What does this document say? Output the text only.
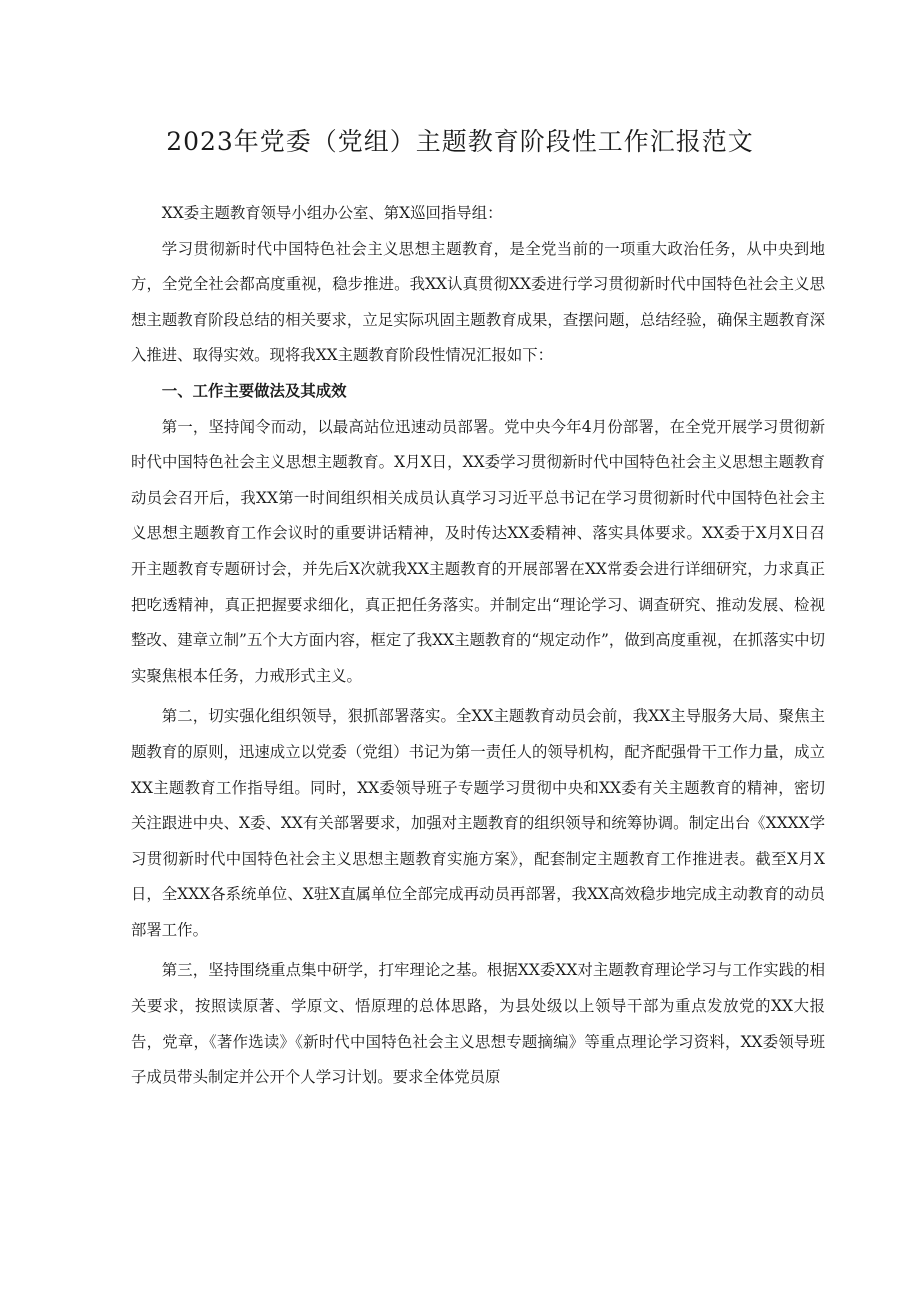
2023年党委（党组）主题教育阶段性工作汇报范文

XX委主题教育领导小组办公室、第X巡回指导组：

学习贯彻新时代中国特色社会主义思想主题教育，是全党当前的一项重大政治任务，从中央到地方，全党全社会都高度重视，稳步推进。我XX认真贯彻XX委进行学习贯彻新时代中国特色社会主义思想主题教育阶段总结的相关要求，立足实际巩固主题教育成果，查摆问题，总结经验，确保主题教育深入推进、取得实效。现将我XX主题教育阶段性情况汇报如下：

一、工作主要做法及其成效

第一，坚持闻令而动，以最高站位迅速动员部署。党中央今年4月份部署，在全党开展学习贯彻新时代中国特色社会主义思想主题教育。X月X日，XX委学习贯彻新时代中国特色社会主义思想主题教育动员会召开后，我XX第一时间组织相关成员认真学习习近平总书记在学习贯彻新时代中国特色社会主义思想主题教育工作会议时的重要讲话精神，及时传达XX委精神、落实具体要求。XX委于X月X日召开主题教育专题研讨会，并先后X次就我XX主题教育的开展部署在XX常委会进行详细研究，力求真正把吃透精神，真正把握要求细化，真正把任务落实。并制定出“理论学习、调查研究、推动发展、检视整改、建章立制”五个大方面内容，框定了我XX主题教育的“规定动作”，做到高度重视，在抓落实中切实聚焦根本任务，力戒形式主义。

第二，切实强化组织领导，狠抓部署落实。全XX主题教育动员会前，我XX主导服务大局、聚焦主题教育的原则，迅速成立以党委（党组）书记为第一责任人的领导机构，配齐配强骨干工作力量，成立XX主题教育工作指导组。同时，XX委领导班子专题学习贯彻中央和XX委有关主题教育的精神，密切关注跟进中央、X委、XX有关部署要求，加强对主题教育的组织领导和统筹协调。制定出台《XXXX学习贯彻新时代中国特色社会主义思想主题教育实施方案》，配套制定主题教育工作推进表。截至X月X日，全XXX各系统单位、X驻X直属单位全部完成再动员再部署，我XX高效稳步地完成主动教育的动员部署工作。

第三，坚持围绕重点集中研学，打牢理论之基。根据XX委XX对主题教育理论学习与工作实践的相关要求，按照读原著、学原文、悟原理的总体思路，为县处级以上领导干部为重点发放党的XX大报告，党章，《著作选读》《新时代中国特色社会主义思想专题摘编》等重点理论学习资料，XX委领导班子成员带头制定并公开个人学习计划。要求全体党员原
